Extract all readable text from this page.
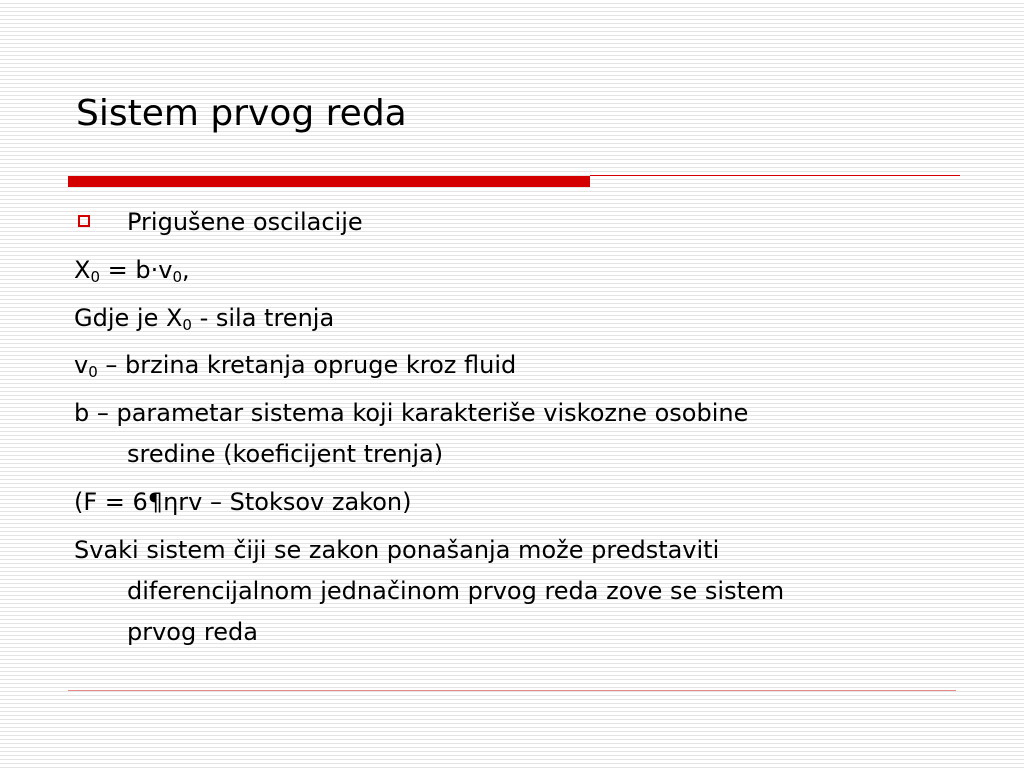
Sistem prvog reda
Prigušene oscilacije
$X_0 = b\cdot v_0$,
Gdje je $X_0$ - sila trenja
$v_0$ – brzina kretanja opruge kroz fluid
b – parametar sistema koji karakteriše viskozne osobine
sredine (koeficijent trenja)
(F = 6¶ηrv – Stoksov zakon)
Svaki sistem čiji se zakon ponašanja može predstaviti
diferencijalnom jednačinom prvog reda zove se sistem
prvog reda
